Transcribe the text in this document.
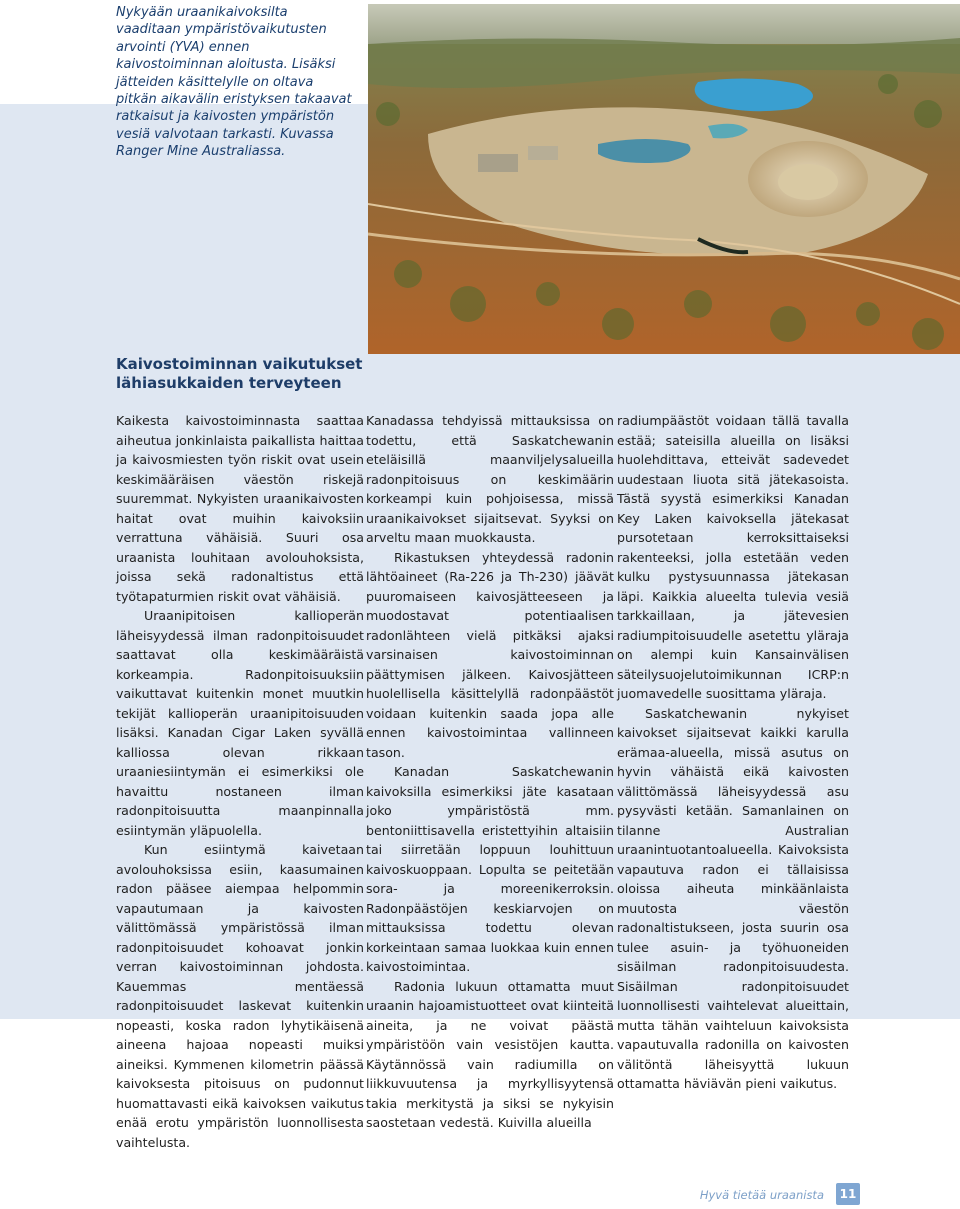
Nykyään uraanikaivoksilta vaaditaan ympäristövaikutusten arvointi (YVA) ennen kaivostoiminnan aloitusta. Lisäksi jätteiden käsittelylle on oltava pitkän aikavälin eristyksen takaavat ratkaisut ja kaivosten ympäristön vesiä valvotaan tarkasti. Kuvassa Ranger Mine Australiassa.
Kaivostoiminnan vaikutukset lähiasukkaiden terveyteen

Kaikesta kaivostoiminnasta saattaa aiheutua jonkinlaista paikallista haittaa ja kaivosmiesten työn riskit ovat usein keskimääräisen väestön riskejä suuremmat. Nykyisten uraanikaivosten haitat ovat muihin kaivoksiin verrattuna vähäisiä. Suuri osa uraanista louhitaan avolouhoksista, joissa sekä radonaltistus että työtapaturmien riskit ovat vähäisiä.

Uraanipitoisen kallioperän läheisyydessä ilman radonpitoisuudet saattavat olla keskimääräistä korkeampia. Radonpitoisuuksiin vaikuttavat kuitenkin monet muutkin tekijät kallioperän uraanipitoisuuden lisäksi. Kanadan Cigar Laken syvällä kalliossa olevan rikkaan uraaniesiintymän ei esimerkiksi ole havaittu nostaneen ilman radonpitoisuutta maanpinnalla esiintymän yläpuolella.

Kun esiintymä kaivetaan avolouhoksissa esiin, kaasumainen radon pääsee aiempaa helpommin vapautumaan ja kaivosten välittömässä ympäristössä ilman radonpitoisuudet kohoavat jonkin verran kaivostoiminnan johdosta. Kauemmas mentäessä radonpitoisuudet laskevat kuitenkin nopeasti, koska radon lyhytikäisenä aineena hajoaa nopeasti muiksi aineiksi. Kymmenen kilometrin päässä kaivoksesta pitoisuus on pudonnut huomattavasti eikä kaivoksen vaikutus enää erotu ympäristön luonnollisesta vaihtelusta.

Kanadassa tehdyissä mittauksissa on todettu, että Saskatchewanin eteläisillä maanviljelysalueilla radonpitoisuus on keskimäärin korkeampi kuin pohjoisessa, missä uraanikaivokset sijaitsevat. Syyksi on arveltu maan muokkausta.

Rikastuksen yhteydessä radonin lähtöaineet (Ra-226 ja Th-230) jäävät puuromaiseen kaivosjätteeseen ja muodostavat potentiaalisen radonlähteen vielä pitkäksi ajaksi varsinaisen kaivostoiminnan päättymisen jälkeen. Kaivosjätteen huolellisella käsittelyllä radonpäästöt voidaan kuitenkin saada jopa alle ennen kaivostoimintaa vallinneen tason.

Kanadan Saskatchewanin kaivoksilla esimerkiksi jäte kasataan joko ympäristöstä mm. bentoniittisavella eristettyihin altaisiin tai siirretään loppuun louhittuun kaivoskuoppaan. Lopulta se peitetään sora- ja moreenikerroksin. Radonpäästöjen keskiarvojen on mittauksissa todettu olevan korkeintaan samaa luokkaa kuin ennen kaivostoimintaa.

Radonia lukuun ottamatta muut uraanin hajoamistuotteet ovat kiinteitä aineita, ja ne voivat päästä ympäristöön vain vesistöjen kautta. Käytännössä vain radiumilla on liikkuvuutensa ja myrkyllisyytensä takia merkitystä ja siksi se nykyisin saostetaan vedestä. Kuivilla alueilla

radiumpäästöt voidaan tällä tavalla estää; sateisilla alueilla on lisäksi huolehdittava, etteivät sadevedet uudestaan liuota sitä jätekasoista. Tästä syystä esimerkiksi Kanadan Key Laken kaivoksella jätekasat pursotetaan kerroksittaiseksi rakenteeksi, jolla estetään veden kulku pystysuunnassa jätekasan läpi. Kaikkia alueelta tulevia vesiä tarkkaillaan, ja jätevesien radiumpitoisuudelle asetettu yläraja on alempi kuin Kansainvälisen säteilysuojelutoimikunnan ICRP:n juomavedelle suosittama yläraja.

Saskatchewanin nykyiset kaivokset sijaitsevat kaikki karulla erämaa-alueella, missä asutus on hyvin vähäistä eikä kaivosten välittömässä läheisyydessä asu pysyvästi ketään. Samanlainen on tilanne Australian uraanintuotantoalueella. Kaivoksista vapautuva radon ei tällaisissa oloissa aiheuta minkäänlaista muutosta väestön radonaltistukseen, josta suurin osa tulee asuin- ja työhuoneiden sisäilman radonpitoisuudesta. Sisäilman radonpitoisuudet luonnollisesti vaihtelevat alueittain, mutta tähän vaihteluun kaivoksista vapautuvalla radonilla on kaivosten välitöntä läheisyyttä lukuun ottamatta häviävän pieni vaikutus.

Hyvä tietää uraanista	11
